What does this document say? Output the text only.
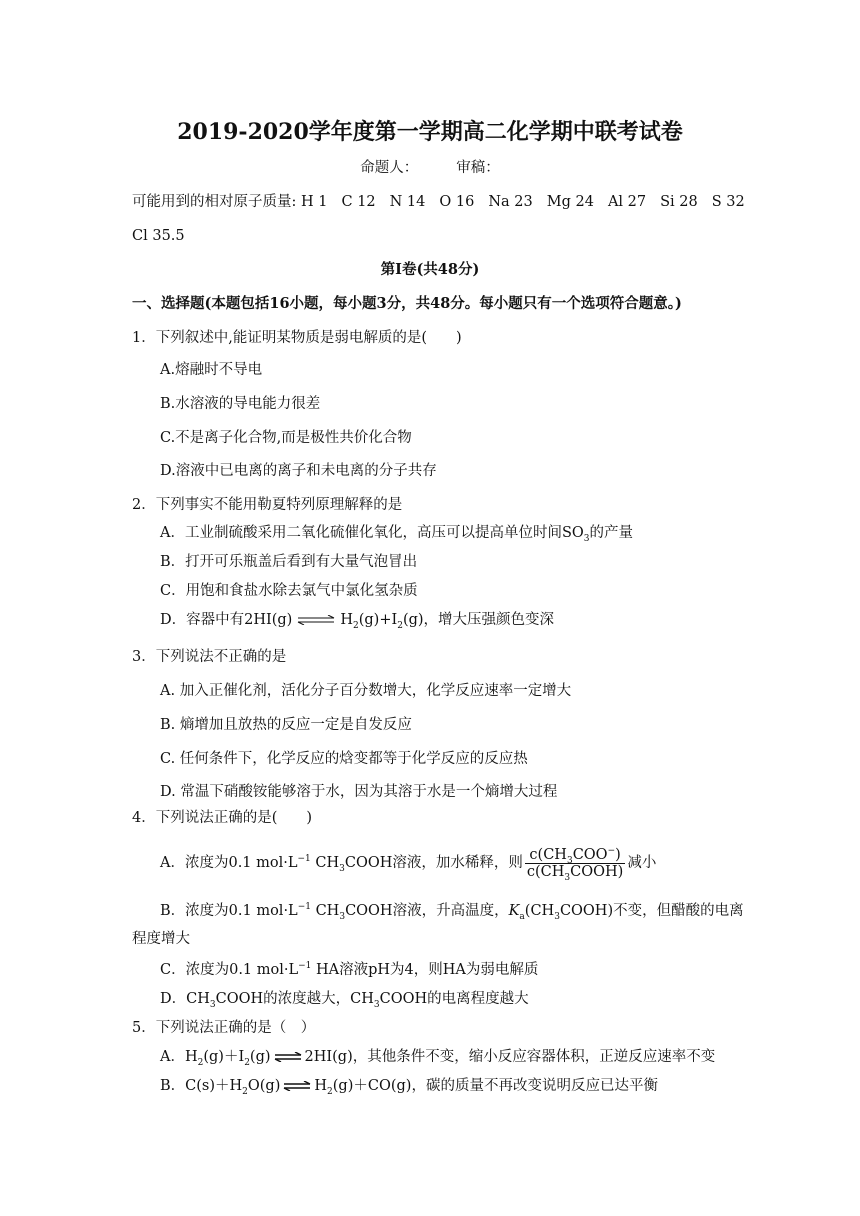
2019-2020学年度第一学期高二化学期中联考试卷
命题人：	审稿：
可能用到的相对原子质量: H 1 C 12 N 14 O 16 Na 23 Mg 24 Al 27 Si 28 S 32
Cl 35.5
第Ⅰ卷(共48分)
一、选择题(本题包括16小题，每小题3分，共48分。每小题只有一个选项符合题意。)
1．下列叙述中,能证明某物质是弱电解质的是(　　)
A.熔融时不导电
B.水溶液的导电能力很差
C.不是离子化合物,而是极性共价化合物
D.溶液中已电离的离子和未电离的分子共存
2．下列事实不能用勒夏特列原理解释的是
A．工业制硫酸采用二氧化硫催化氧化，高压可以提高单位时间$SO_3$的产量
B．打开可乐瓶盖后看到有大量气泡冒出
C．用饱和食盐水除去氯气中氯化氢杂质
D．容器中有2HI(g) ⇌ $H_2(g)+I_2(g)$，增大压强颜色变深
3．下列说法不正确的是
A. 加入正催化剂，活化分子百分数增大，化学反应速率一定增大
B. 熵增加且放热的反应一定是自发反应
C. 任何条件下，化学反应的焓变都等于化学反应的反应热
D. 常温下硝酸铵能够溶于水，因为其溶于水是一个熵增大过程
4．下列说法正确的是(　　)
A．浓度为0.1 $mol\cdot L^{-1}$ $CH_3COOH$溶液，加水稀释，则 $\frac{c(CH_3COO^-)}{c(CH_3COOH)}$ 减小
B．浓度为0.1 $mol\cdot L^{-1}$ $CH_3COOH$溶液，升高温度，$K_a(CH_3COOH)$不变，但醋酸的电离
程度增大
C．浓度为0.1 $mol\cdot L^{-1}$ HA溶液pH为4，则HA为弱电解质
D．$CH_3COOH$的浓度越大，$CH_3COOH$的电离程度越大
5．下列说法正确的是（　）
A．$H_2(g)+I_2(g)$ ⇌ 2HI(g)，其他条件不变，缩小反应容器体积，正逆反应速率不变
B．$C(s)+H_2O(g)$ ⇌ $H_2(g)+CO(g)$，碳的质量不再改变说明反应已达平衡
